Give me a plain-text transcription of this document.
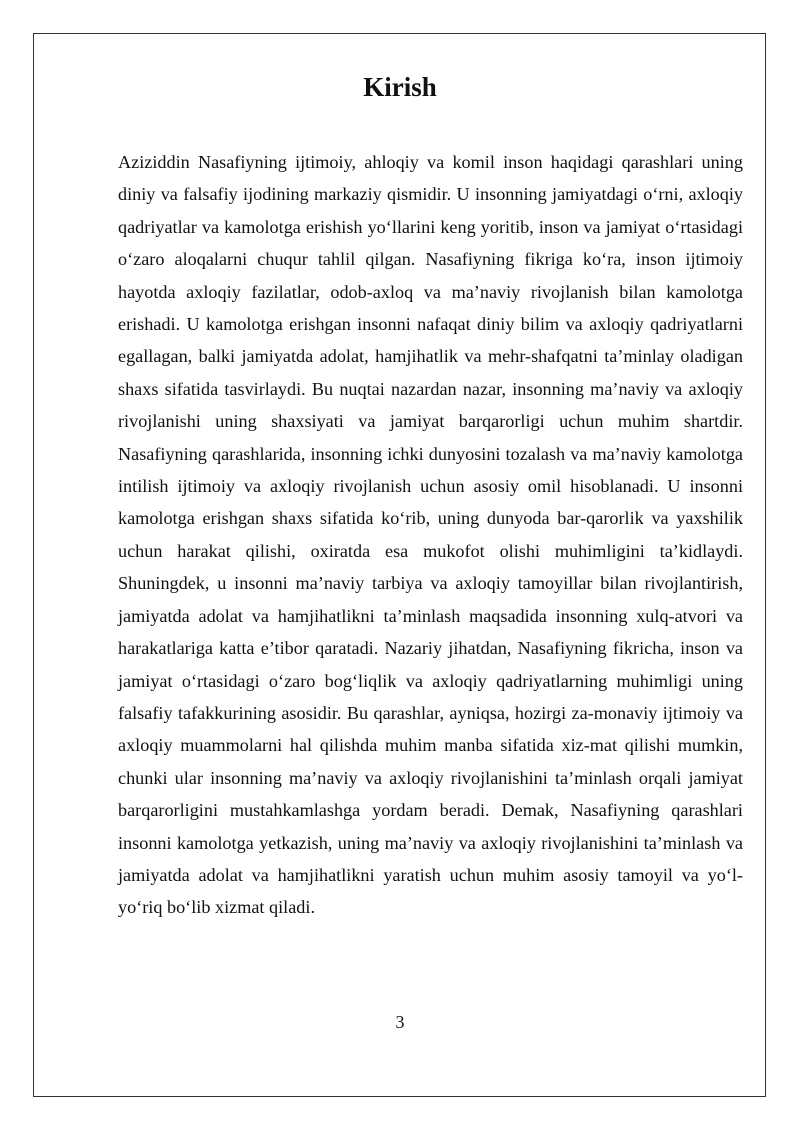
Kirish

Aziziddin Nasafiyning ijtimoiy, ahloqiy va komil inson haqidagi qarashlari uning diniy va falsafiy ijodining markaziy qismidir. U insonning jamiyatdagi o‘rni, axloqiy qadriyatlar va kamolotga erishish yo‘llarini keng yoritib, inson va jamiyat o‘rtasidagi o‘zaro aloqalarni chuqur tahlil qilgan. Nasafiyning fikriga ko‘ra, inson ijtimoiy hayotda axloqiy fazilatlar, odob-axloq va ma’naviy rivojlanish bilan kamolotga erishadi. U kamolotga erishgan insonni nafaqat diniy bilim va axloqiy qadriyatlarni egallagan, balki jamiyatda adolat, hamjihatlik va mehr-shafqatni ta’minlay oladigan shaxs sifatida tasvirlaydi. Bu nuqtai nazardan nazar, insonning ma’naviy va axloqiy rivojlanishi uning shaxsiyati va jamiyat barqarorligi uchun muhim shartdir. Nasafiyning qarashlarida, insonning ichki dunyosini tozalash va ma’naviy kamolotga intilish ijtimoiy va axloqiy rivojlanish uchun asosiy omil hisoblanadi. U insonni kamolotga erishgan shaxs sifatida ko‘rib, uning dunyoda bar-qarorlik va yaxshilik uchun harakat qilishi, oxiratda esa mukofot olishi muhimligini ta’kidlaydi. Shuningdek, u insonni ma’naviy tarbiya va axloqiy tamoyillar bilan rivojlantirish, jamiyatda adolat va hamjihatlikni ta’minlash maqsadida insonning xulq-atvori va harakatlariga katta e’tibor qaratadi. Nazariy jihatdan, Nasafiyning fikricha, inson va jamiyat o‘rtasidagi o‘zaro bog‘liqlik va axloqiy qadriyatlarning muhimligi uning falsafiy tafakkurining asosidir. Bu qarashlar, ayniqsa, hozirgi za-monaviy ijtimoiy va axloqiy muammolarni hal qilishda muhim manba sifatida xiz-mat qilishi mumkin, chunki ular insonning ma’naviy va axloqiy rivojlanishini ta’minlash orqali jamiyat barqarorligini mustahkamlashga yordam beradi. Demak, Nasafiyning qarashlari insonni kamolotga yetkazish, uning ma’naviy va axloqiy rivojlanishini ta’minlash va jamiyatda adolat va hamjihatlikni yaratish uchun muhim asosiy tamoyil va yo‘l-yo‘riq bo‘lib xizmat qiladi.

3
